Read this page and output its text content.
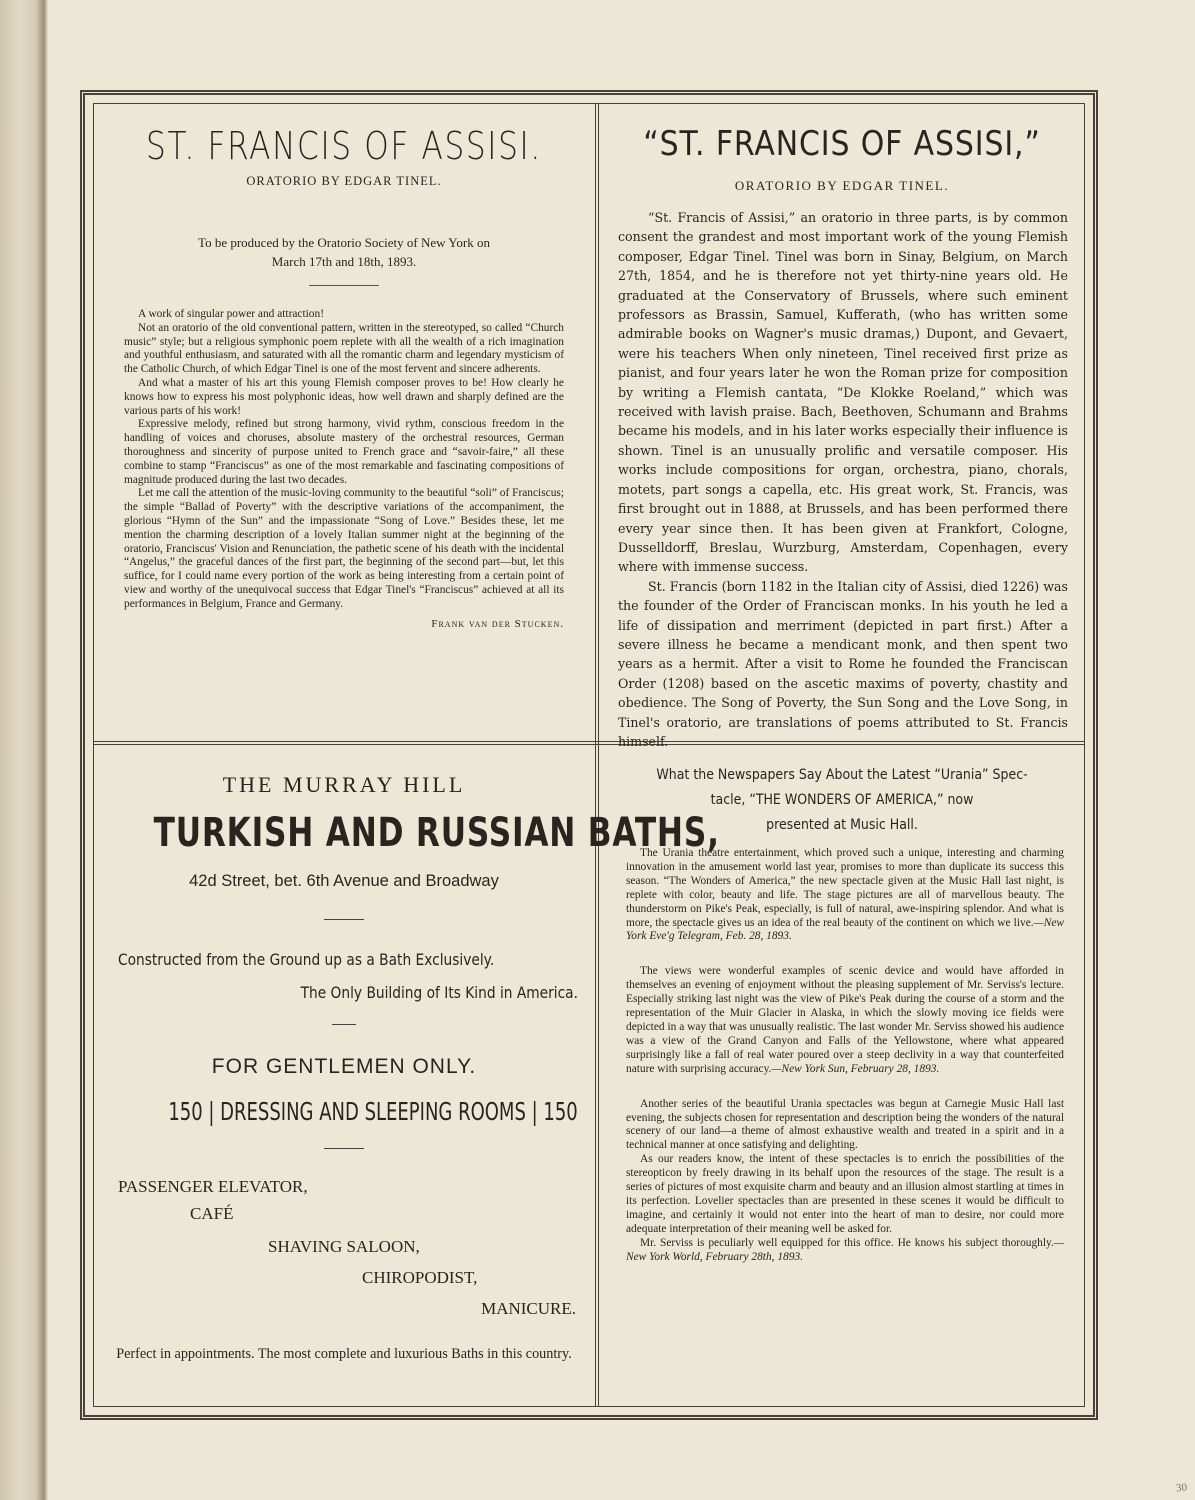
ST. FRANCIS OF ASSISI.
ORATORIO BY EDGAR TINEL.
To be produced by the Oratorio Society of New York on
March 17th and 18th, 1893.

A work of singular power and attraction!

Not an oratorio of the old conventional pattern, written in the stereotyped, so called “Church music” style; but a religious symphonic poem replete with all the wealth of a rich imagination and youthful enthusiasm, and saturated with all the romantic charm and legendary mysticism of the Catholic Church, of which Edgar Tinel is one of the most fervent and sincere adherents.

And what a master of his art this young Flemish composer proves to be! How clearly he knows how to express his most polyphonic ideas, how well drawn and sharply defined are the various parts of his work!

Expressive melody, refined but strong harmony, vivid rythm, conscious freedom in the handling of voices and choruses, absolute mastery of the orchestral resources, German thoroughness and sincerity of purpose united to French grace and “savoir-faire,” all these combine to stamp “Franciscus” as one of the most remarkable and fascinating compositions of magnitude produced during the last two decades.

Let me call the attention of the music-loving community to the beautiful “soli” of Franciscus; the simple “Ballad of Poverty” with the descriptive variations of the accompaniment, the glorious “Hymn of the Sun” and the impassionate “Song of Love.” Besides these, let me mention the charming description of a lovely Italian summer night at the beginning of the oratorio, Franciscus' Vision and Renunciation, the pathetic scene of his death with the incidental “Angelus,” the graceful dances of the first part, the beginning of the second part—but, let this suffice, for I could name every portion of the work as being interesting from a certain point of view and worthy of the unequivocal success that Edgar Tinel's “Franciscus” achieved at all its performances in Belgium, France and Germany.

Frank van der Stucken.
“ST. FRANCIS OF ASSISI,”
ORATORIO BY EDGAR TINEL.

“St. Francis of Assisi,” an oratorio in three parts, is by common consent the grandest and most important work of the young Flemish composer, Edgar Tinel. Tinel was born in Sinay, Belgium, on March 27th, 1854, and he is therefore not yet thirty-nine years old. He graduated at the Conservatory of Brussels, where such eminent professors as Brassin, Samuel, Kufferath, (who has written some admirable books on Wagner's music dramas,) Dupont, and Gevaert, were his teachers When only nineteen, Tinel received first prize as pianist, and four years later he won the Roman prize for composition by writing a Flemish cantata, “De Klokke Roeland,” which was received with lavish praise. Bach, Beethoven, Schumann and Brahms became his models, and in his later works especially their influence is shown. Tinel is an unusually prolific and versatile composer. His works include compositions for organ, orchestra, piano, chorals, motets, part songs a capella, etc. His great work, St. Francis, was first brought out in 1888, at Brussels, and has been performed there every year since then. It has been given at Frankfort, Cologne, Dusselldorff, Breslau, Wurzburg, Amsterdam, Copenhagen, every where with immense success.

St. Francis (born 1182 in the Italian city of Assisi, died 1226) was the founder of the Order of Franciscan monks. In his youth he led a life of dissipation and merriment (depicted in part first.) After a severe illness he became a mendicant monk, and then spent two years as a hermit. After a visit to Rome he founded the Franciscan Order (1208) based on the ascetic maxims of poverty, chastity and obedience. The Song of Poverty, the Sun Song and the Love Song, in Tinel's oratorio, are translations of poems attributed to St. Francis himself.

THE MURRAY HILL
TURKISH AND RUSSIAN BATHS,
42d Street, bet. 6th Avenue and Broadway
Constructed from the Ground up as a Bath Exclusively.
The Only Building of Its Kind in America.
FOR GENTLEMEN ONLY.
150 | DRESSING AND SLEEPING ROOMS | 150
PASSENGER ELEVATOR,
CAFÉ
SHAVING SALOON,
CHIROPODIST,
MANICURE.
Perfect in appointments. The most complete and luxurious Baths in this country.
What the Newspapers Say About the Latest “Urania” Spec-
tacle, “THE WONDERS OF AMERICA,” now
presented at Music Hall.

The Urania theatre entertainment, which proved such a unique, interesting and charming innovation in the amusement world last year, promises to more than duplicate its success this season. “The Wonders of America,” the new spectacle given at the Music Hall last night, is replete with color, beauty and life. The stage pictures are all of marvellous beauty. The thunderstorm on Pike's Peak, especially, is full of natural, awe-inspiring splendor. And what is more, the spectacle gives us an idea of the real beauty of the continent on which we live.—New York Eve'g Telegram, Feb. 28, 1893.

The views were wonderful examples of scenic device and would have afforded in themselves an evening of enjoyment without the pleasing supplement of Mr. Serviss's lecture. Especially striking last night was the view of Pike's Peak during the course of a storm and the representation of the Muir Glacier in Alaska, in which the slowly moving ice fields were depicted in a way that was unusually realistic. The last wonder Mr. Serviss showed his audience was a view of the Grand Canyon and Falls of the Yellowstone, where what appeared surprisingly like a fall of real water poured over a steep declivity in a way that counterfeited nature with surprising accuracy.—New York Sun, February 28, 1893.

Another series of the beautiful Urania spectacles was begun at Carnegie Music Hall last evening, the subjects chosen for representation and description being the wonders of the natural scenery of our land—a theme of almost exhaustive wealth and treated in a spirit and in a technical manner at once satisfying and delighting.

As our readers know, the intent of these spectacles is to enrich the possibilities of the stereopticon by freely drawing in its behalf upon the resources of the stage. The result is a series of pictures of most exquisite charm and beauty and an illusion almost startling at times in its perfection. Lovelier spectacles than are presented in these scenes it would be difficult to imagine, and certainly it would not enter into the heart of man to desire, nor could more adequate interpretation of their meaning well be asked for.

Mr. Serviss is peculiarly well equipped for this office. He knows his subject thoroughly.—New York World, February 28th, 1893.

30
